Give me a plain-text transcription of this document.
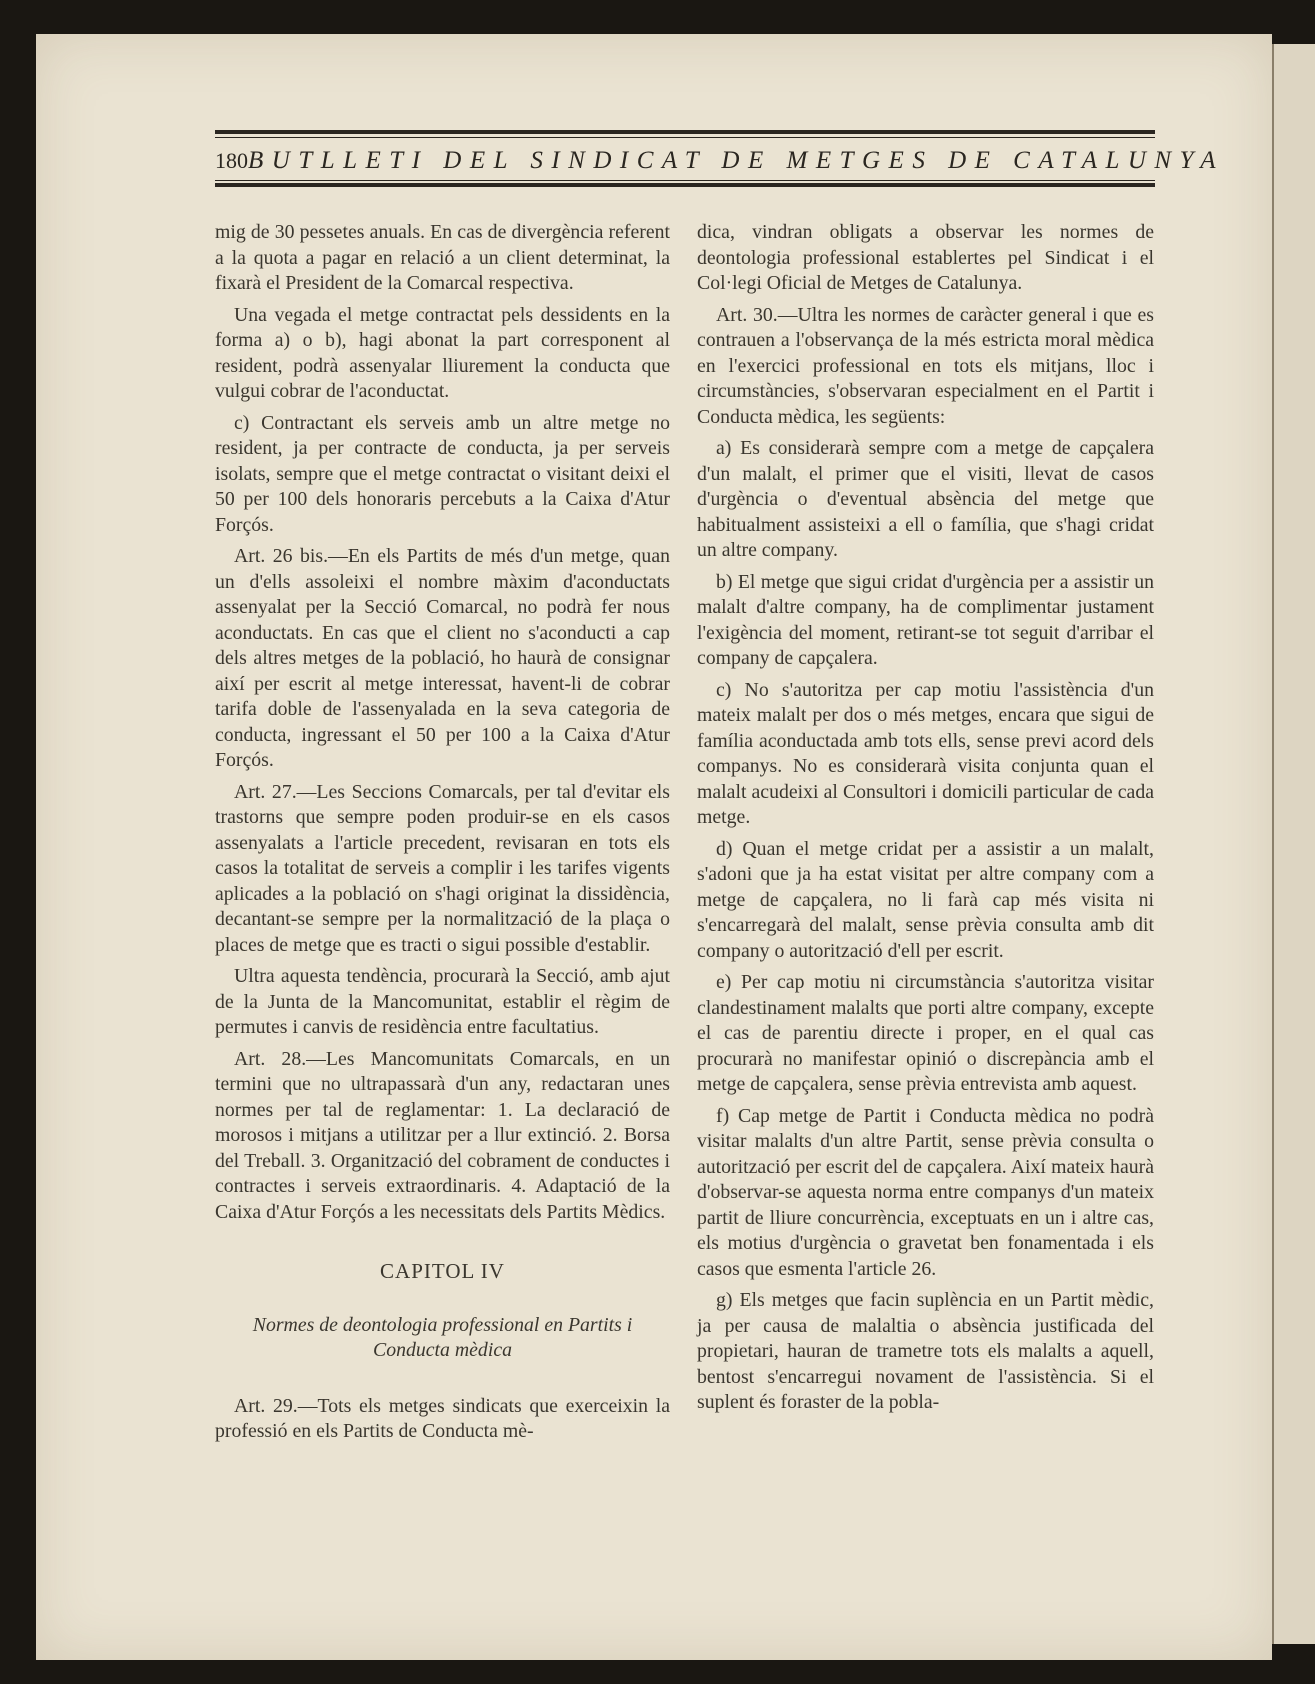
180 BUTLLETI DEL SINDICAT DE METGES DE CATALUNYA

mig de 30 pessetes anuals. En cas de divergència referent a la quota a pagar en relació a un client determinat, la fixarà el President de la Comarcal respectiva.

Una vegada el metge contractat pels dessidents en la forma a) o b), hagi abonat la part corresponent al resident, podrà assenyalar lliurement la conducta que vulgui cobrar de l'aconductat.

c) Contractant els serveis amb un altre metge no resident, ja per contracte de conducta, ja per serveis isolats, sempre que el metge contractat o visitant deixi el 50 per 100 dels honoraris percebuts a la Caixa d'Atur Forçós.

Art. 26 bis.—En els Partits de més d'un metge, quan un d'ells assoleixi el nombre màxim d'aconductats assenyalat per la Secció Comarcal, no podrà fer nous aconductats. En cas que el client no s'aconducti a cap dels altres metges de la població, ho haurà de consignar així per escrit al metge interessat, havent-li de cobrar tarifa doble de l'assenyalada en la seva categoria de conducta, ingressant el 50 per 100 a la Caixa d'Atur Forçós.

Art. 27.—Les Seccions Comarcals, per tal d'evitar els trastorns que sempre poden produir-se en els casos assenyalats a l'article precedent, revisaran en tots els casos la totalitat de serveis a complir i les tarifes vigents aplicades a la població on s'hagi originat la dissidència, decantant-se sempre per la normalització de la plaça o places de metge que es tracti o sigui possible d'establir.

Ultra aquesta tendència, procurarà la Secció, amb ajut de la Junta de la Mancomunitat, establir el règim de permutes i canvis de residència entre facultatius.

Art. 28.—Les Mancomunitats Comarcals, en un termini que no ultrapassarà d'un any, redactaran unes normes per tal de reglamentar: 1. La declaració de morosos i mitjans a utilitzar per a llur extinció. 2. Borsa del Treball. 3. Organització del cobrament de conductes i contractes i serveis extraordinaris. 4. Adaptació de la Caixa d'Atur Forçós a les necessitats dels Partits Mèdics.

CAPITOL IV

Normes de deontologia professional en Partits i Conducta mèdica

Art. 29.—Tots els metges sindicats que exerceixin la professió en els Partits de Conducta mè-

dica, vindran obligats a observar les normes de deontologia professional establertes pel Sindicat i el Col·legi Oficial de Metges de Catalunya.

Art. 30.—Ultra les normes de caràcter general i que es contrauen a l'observança de la més estricta moral mèdica en l'exercici professional en tots els mitjans, lloc i circumstàncies, s'observaran especialment en el Partit i Conducta mèdica, les següents:

a) Es considerarà sempre com a metge de capçalera d'un malalt, el primer que el visiti, llevat de casos d'urgència o d'eventual absència del metge que habitualment assisteixi a ell o família, que s'hagi cridat un altre company.

b) El metge que sigui cridat d'urgència per a assistir un malalt d'altre company, ha de complimentar justament l'exigència del moment, retirant-se tot seguit d'arribar el company de capçalera.

c) No s'autoritza per cap motiu l'assistència d'un mateix malalt per dos o més metges, encara que sigui de família aconductada amb tots ells, sense previ acord dels companys. No es considerarà visita conjunta quan el malalt acudeixi al Consultori i domicili particular de cada metge.

d) Quan el metge cridat per a assistir a un malalt, s'adoni que ja ha estat visitat per altre company com a metge de capçalera, no li farà cap més visita ni s'encarregarà del malalt, sense prèvia consulta amb dit company o autorització d'ell per escrit.

e) Per cap motiu ni circumstància s'autoritza visitar clandestinament malalts que porti altre company, excepte el cas de parentiu directe i proper, en el qual cas procurarà no manifestar opinió o discrepància amb el metge de capçalera, sense prèvia entrevista amb aquest.

f) Cap metge de Partit i Conducta mèdica no podrà visitar malalts d'un altre Partit, sense prèvia consulta o autorització per escrit del de capçalera. Així mateix haurà d'observar-se aquesta norma entre companys d'un mateix partit de lliure concurrència, exceptuats en un i altre cas, els motius d'urgència o gravetat ben fonamentada i els casos que esmenta l'article 26.

g) Els metges que facin suplència en un Partit mèdic, ja per causa de malaltia o absència justificada del propietari, hauran de trametre tots els malalts a aquell, bentost s'encarregui novament de l'assistència. Si el suplent és foraster de la pobla-
